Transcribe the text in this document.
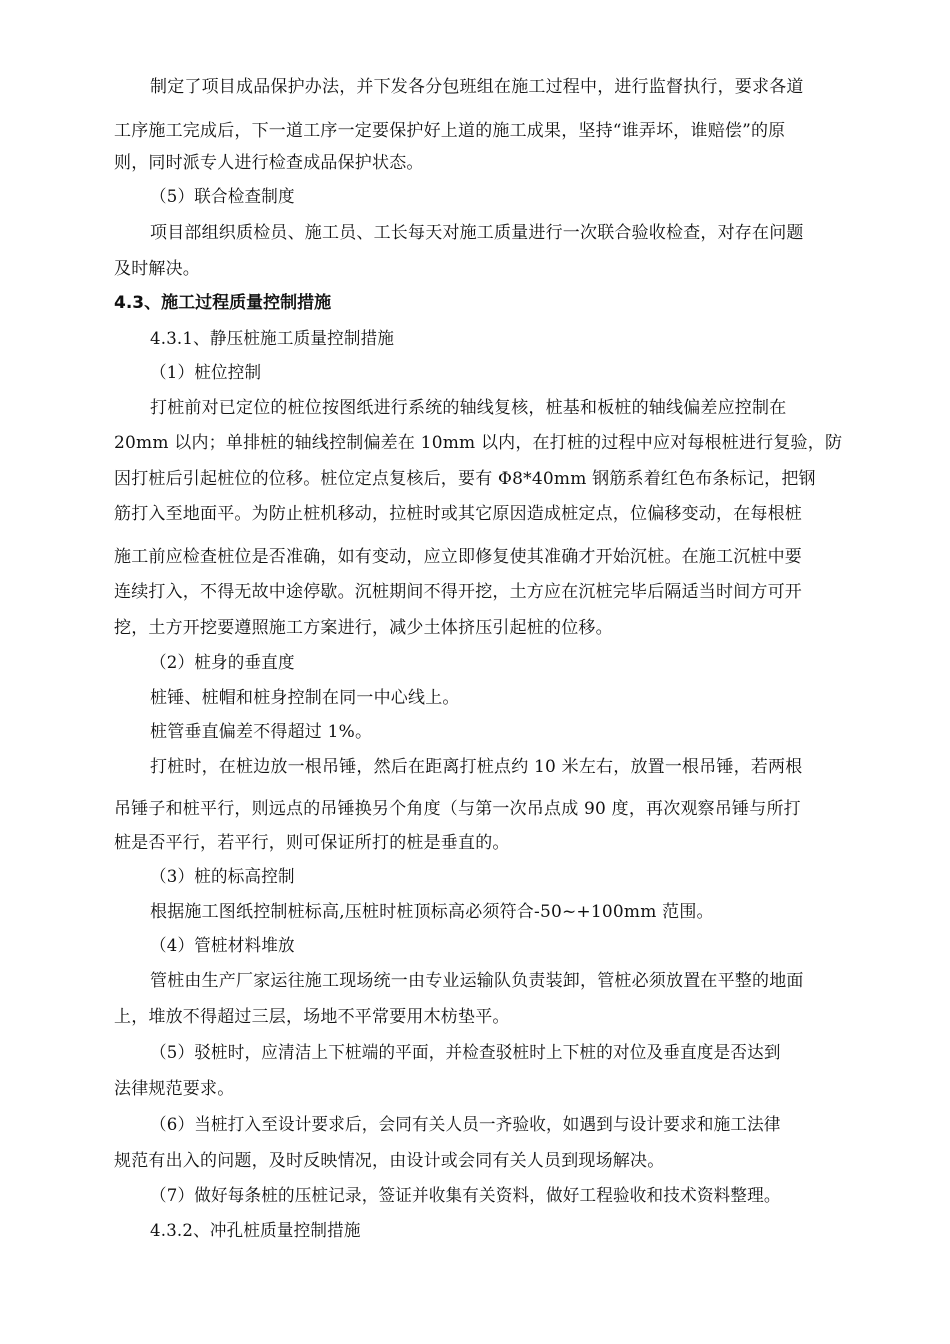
制定了项目成品保护办法，并下发各分包班组在施工过程中，进行监督执行，要求各道
工序施工完成后，下一道工序一定要保护好上道的施工成果，坚持“谁弄坏，谁赔偿”的原
则，同时派专人进行检查成品保护状态。
（5）联合检查制度
项目部组织质检员、施工员、工长每天对施工质量进行一次联合验收检查，对存在问题
及时解决。
4.3、施工过程质量控制措施
4.3.1、静压桩施工质量控制措施
（1）桩位控制
打桩前对已定位的桩位按图纸进行系统的轴线复核，桩基和板桩的轴线偏差应控制在
20mm 以内；单排桩的轴线控制偏差在 10mm 以内，在打桩的过程中应对每根桩进行复验，防
因打桩后引起桩位的位移。桩位定点复核后，要有 Φ8*40mm 钢筋系着红色布条标记，把钢
筋打入至地面平。为防止桩机移动，拉桩时或其它原因造成桩定点，位偏移变动，在每根桩
施工前应检查桩位是否准确，如有变动，应立即修复使其准确才开始沉桩。在施工沉桩中要
连续打入，不得无故中途停歇。沉桩期间不得开挖，土方应在沉桩完毕后隔适当时间方可开
挖，土方开挖要遵照施工方案进行，减少土体挤压引起桩的位移。
（2）桩身的垂直度
桩锤、桩帽和桩身控制在同一中心线上。
桩管垂直偏差不得超过 1%。
打桩时，在桩边放一根吊锤，然后在距离打桩点约 10 米左右，放置一根吊锤，若两根
吊锤子和桩平行，则远点的吊锤换另个角度（与第一次吊点成 90 度，再次观察吊锤与所打
桩是否平行，若平行，则可保证所打的桩是垂直的。
（3）桩的标高控制
根据施工图纸控制桩标高,压桩时桩顶标高必须符合-50~+100mm 范围。
（4）管桩材料堆放
管桩由生产厂家运往施工现场统一由专业运输队负责装卸，管桩必须放置在平整的地面
上，堆放不得超过三层，场地不平常要用木枋垫平。
（5）驳桩时，应清洁上下桩端的平面，并检查驳桩时上下桩的对位及垂直度是否达到
法律规范要求。
（6）当桩打入至设计要求后，会同有关人员一齐验收，如遇到与设计要求和施工法律
规范有出入的问题，及时反映情况，由设计或会同有关人员到现场解决。
（7）做好每条桩的压桩记录，签证并收集有关资料，做好工程验收和技术资料整理。
4.3.2、冲孔桩质量控制措施
